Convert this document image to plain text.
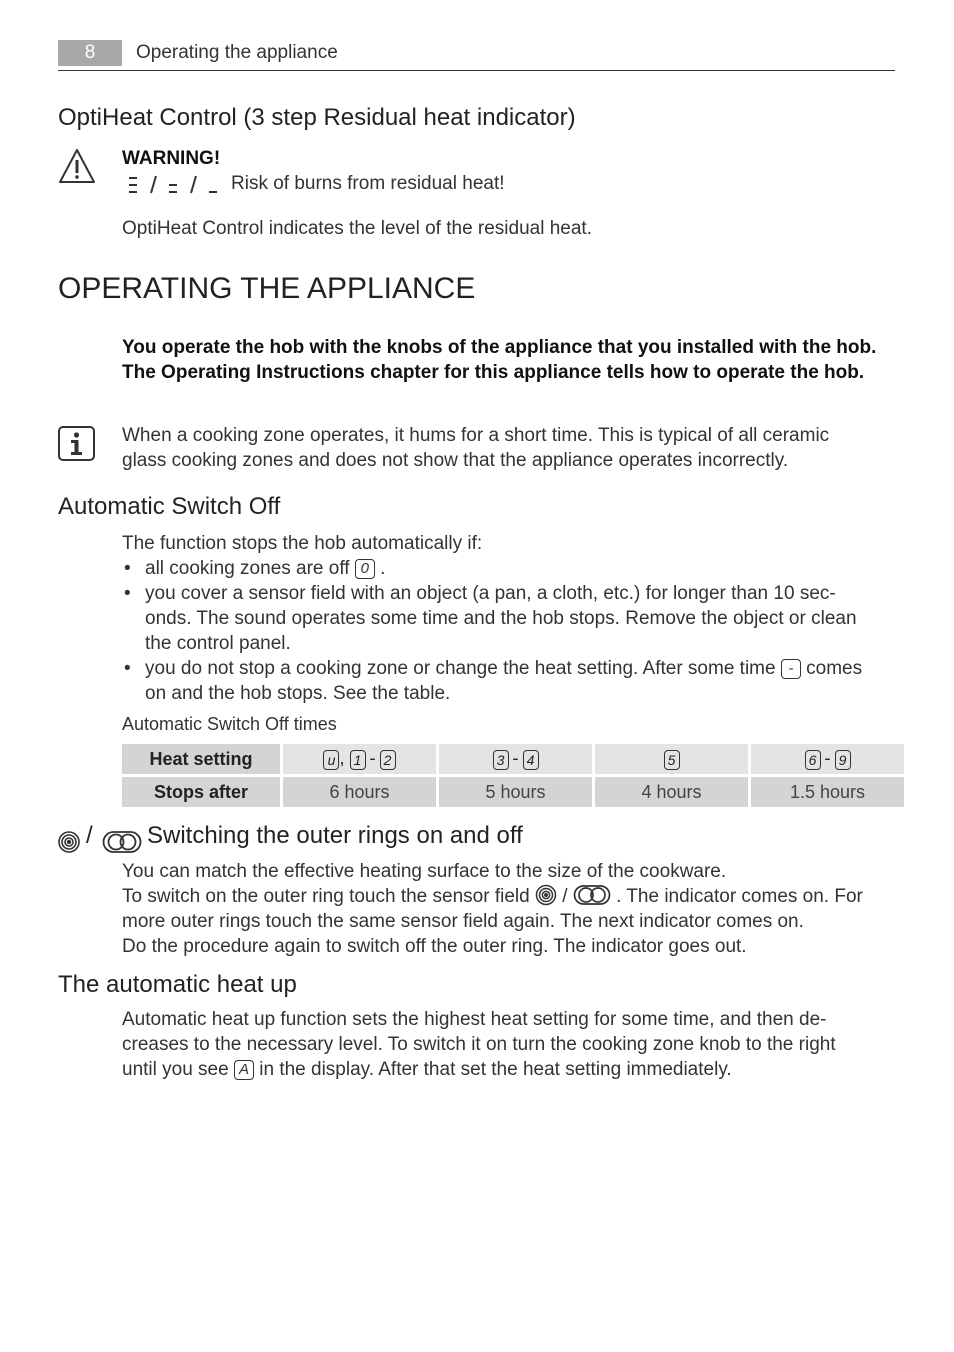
8	Operating the appliance
OptiHeat Control (3 step Residual heat indicator)
WARNING!
Risk of burns from residual heat!
OptiHeat Control indicates the level of the residual heat.
OPERATING THE APPLIANCE
You operate the hob with the knobs of the appliance that you installed with the hob. The Operating Instructions chapter for this appliance tells how to operate the hob.
When a cooking zone operates, it hums for a short time. This is typical of all ceramic
glass cooking zones and does not show that the appliance operates incorrectly.
Automatic Switch Off
The function stops the hob automatically if:
• all cooking zones are off 0 .
• you cover a sensor field with an object (a pan, a cloth, etc.) for longer than 10 sec-
onds. The sound operates some time and the hob stops. Remove the object or clean
the control panel.
• you do not stop a cooking zone or change the heat setting. After some time - comes
on and the hob stops. See the table.
Automatic Switch Off times
Heat setting	u , 1 - 2	3 - 4	5	6 - 9
Stops after	6 hours	5 hours	4 hours	1.5 hours
/ Switching the outer rings on and off
You can match the effective heating surface to the size of the cookware.
To switch on the outer ring touch the sensor field /	. The indicator comes on. For
more outer rings touch the same sensor field again. The next indicator comes on.
Do the procedure again to switch off the outer ring. The indicator goes out.
The automatic heat up
Automatic heat up function sets the highest heat setting for some time, and then de-
creases to the necessary level. To switch it on turn the cooking zone knob to the right
until you see A in the display. After that set the heat setting immediately.
